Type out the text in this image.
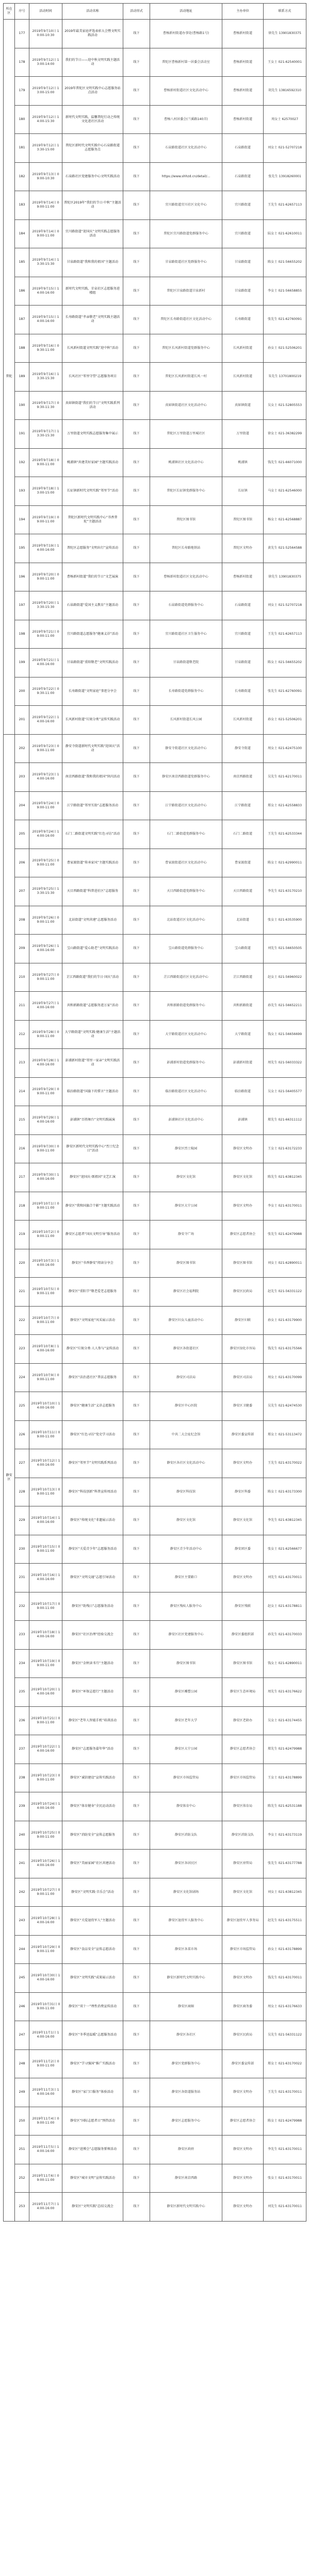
所在区	序号	活动时间	活动名称	活动形式	活动地址	主办单位	联系方式
普陀	177	2019年9月10日 10:00-10:30	2019年最美家庭评选表彰大会暨文明实践活动	线下	曹杨新村街道办事处(曹杨路1号)	曹杨新村街道	徐先生 13901830375
	178	2019年9月12日 13:00-14:00	我们的节日——迎中秋文明实践主题活动	线下	普陀区曹杨新村第一居委会活动室	曹杨新村街道	王女士 021-62540001
	179	2019年9月12日 13:00-15:00	2019年普陀区文明实践中心志愿服务站点活动	线下	曹杨新村街道社区文化活动中心	曹杨新村街道	胡先生 13816592310
	180	2019年9月12日 14:00-15:30	新时代文明实践，温馨普陀行动之传统文化进社区活动	线下	曹杨八村居委会(兰溪路140弄)	曹杨新村街道	周女士 62570027
	181	2019年9月12日 13:30-15:00	普陀区新时代文明实践中心石泉路街道志愿服务点	线下	石泉路街道社区文化活动中心	石泉路街道	刘女士 021-52707218
	182	2019年9月13日 09:00-10:30	石泉路社区党建服务中心文明实践活动	线下	https://www.shhzd.cn/detail/...	石泉路街道	张先生 13918260001
	183	2019年9月14日 09:00-11:00	普陀区2019年“我们的节日·中秋”主题活动	线下	宜川路街道宜川社区文化中心	宜川路街道	王先生 021-62657113
	184	2019年9月14日 09:00-11:00	宜川路街道“迎国庆”文明实践志愿服务活动	线下	普陀区宜川路街道党群服务中心	宜川路街道	陆女士 021-62610011
	185	2019年9月14日 13:30-15:30	甘泉路街道“我和我的祖国”主题活动	线下	甘泉路街道社区党群服务中心	甘泉路街道	陈女士 021-56655202
	186	2019年9月15日 14:00-16:00	新时代文明实践，甘泉社区志愿服务进楼组	线下	普陀区甘泉路街道甘泉新村	甘泉路街道	李女士 021-56658855
	187	2019年9月15日 14:00-16:00	长寿路街道“孝亲敬老”文明实践主题活动	线下	普陀区长寿路街道社区文化活动中心	长寿路街道	张先生 021-62760091
	188	2019年9月16日 09:30-11:00	长风新村街道文明实践“迎中秋”活动	线下	普陀区长风新村街道党群服务中心	长风新村街道	孙女士 021-52506201
	189	2019年9月16日 13:30-15:30	长风社区“邻里守望”志愿服务项目	线下	普陀区长风新村街道长风一村	长风新村街道	朱先生 13701800219
	190	2019年9月17日 09:30-11:30	真如镇街道“我们的节日”文明实践系列活动	线下	真如镇街道社区文化活动中心	真如镇街道	吴女士 021-52805553
	191	2019年9月17日 13:30-15:30	万里街道文明实践志愿服务集中展示	线下	普陀区万里街道万里城社区	万里街道	徐女士 021-36382299
	192	2019年9月18日 09:00-11:00	桃浦镇“共建美好家园”主题实践活动	线下	桃浦镇社区文化活动中心	桃浦镇	钱先生 021-66071000
	193	2019年9月18日 13:00-15:00	长征镇新时代文明实践“邻里节”活动	线下	普陀区长征镇党群服务中心	长征镇	马女士 021-62546000
	194	2019年9月19日 09:00-11:00	普陀区新时代文明实践中心“书香普陀”主题活动	线下	普陀区图书馆	普陀区图书馆	杨女士 021-62568887
	195	2019年9月19日 14:00-16:00	普陀区志愿服务“文明出行”宣传活动	线下	普陀区长寿路地铁站	普陀区文明办	黄先生 021-52564588
	196	2019年9月20日 09:00-11:00	曹杨新村街道“我们的节日”文艺展演	线下	曹杨新村街道社区文化活动中心	曹杨新村街道	徐先生 13901830375
	197	2019年9月20日 13:30-15:30	石泉路街道“爱国主义教育”主题活动	线下	石泉路街道党群服务中心	石泉路街道	刘女士 021-52707218
	198	2019年9月21日 09:00-11:00	宜川路街道志愿服务“健康义诊”活动	线下	宜川路街道社区卫生服务中心	宜川路街道	王先生 021-62657113
	199	2019年9月21日 14:00-16:00	甘泉路街道“重阳敬老”文明实践活动	线下	甘泉路街道敬老院	甘泉路街道	陈女士 021-56655202
	200	2019年9月22日 09:30-11:00	长寿路街道“文明家庭”事迹分享会	线下	长寿路街道党群服务中心	长寿路街道	张先生 021-62760091
	201	2019年9月22日 14:00-16:00	长风新村街道“垃圾分类”宣传实践活动	线下	长风新村街道长风公园	长风新村街道	孙女士 021-52506201
静安区	202	2019年9月23日 09:00-11:00	静安寺街道新时代文明实践“迎国庆”活动	线下	静安寺街道社区文化活动中心	静安寺街道	周女士 021-62475100
	203	2019年9月23日 14:00-16:00	南京西路街道“我和我的祖国”快闪活动	线下	静安区南京西路街道党群服务中心	南京西路街道	吴先生 021-62170011
	204	2019年9月24日 09:00-11:00	江宁路街道“邻里互助”志愿服务活动	线下	江宁路街道社区文化活动中心	江宁路街道	郑女士 021-62558833
	205	2019年9月24日 14:00-16:00	石门二路街道文明实践“红色寻访”活动	线下	石门二路街道党群服务中心	石门二路街道	王先生 021-62533344
	206	2019年9月25日 09:00-11:00	曹家渡街道“传承家风”主题实践活动	线下	曹家渡街道社区文化活动中心	曹家渡街道	陈女士 021-62990011
	207	2019年9月25日 13:30-15:30	天目西路街道“科普进社区”志愿服务	线下	天目西路街道党群服务中心	天目西路街道	李先生 021-63170210
	208	2019年9月26日 09:00-11:00	北站街道“文明共建”志愿服务活动	线下	北站街道社区文化活动中心	北站街道	张女士 021-63535900
	209	2019年9月26日 14:00-16:00	宝山路街道“爱心助老”文明实践活动	线下	宝山路街道党群服务中心	宝山路街道	刘先生 021-56650505
	210	2019年9月27日 09:00-11:00	芷江西路街道“我们的节日·国庆”活动	线下	芷江西路街道社区文化活动中心	芷江西路街道	赵女士 021-56960022
	211	2019年9月27日 14:00-16:00	共和新路街道“志愿服务进万家”活动	线下	共和新路街道党群服务中心	共和新路街道	孙先生 021-56652211
	212	2019年9月28日 09:00-11:00	大宁路街道“文明实践·健康生活”主题活动	线下	大宁路街道社区文化活动中心	大宁路街道	钱女士 021-56656699
	213	2019年9月28日 14:00-16:00	彭浦新村街道“邻里一家亲”文明实践活动	线下	彭浦新村街道党群服务中心	彭浦新村街道	周先生 021-56033322
	214	2019年9月29日 09:00-11:00	临汾路街道“国旗下的誓言”主题活动	线下	临汾路街道社区文化活动中心	临汾路街道	吴女士 021-56405577
	215	2019年9月29日 14:00-16:00	彭浦镇“百姓舞台”文明实践展演	线下	彭浦镇社区文化活动中心	彭浦镇	郑先生 021-66311112
	216	2019年9月30日 09:00-11:00	静安区新时代文明实践中心“烈士纪念日”活动	线下	静安区烈士陵园	静安区文明办	王女士 021-63172233
	217	2019年9月30日 14:00-16:00	静安区“迎国庆·颂祖国”文艺汇演	线下	静安区文化馆	静安区文化馆	陈先生 021-63812345
	218	2019年10月1日 09:00-11:00	静安区“我和国旗合个影”主题实践活动	线下	静安区大宁公园	静安区文明办	李女士 021-63170011
	219	2019年10月2日 09:00-11:00	静安区志愿者“国庆文明引导”服务活动	线下	静安寺广场	静安区志愿者协会	张先生 021-62479988
	220	2019年10月3日 14:00-16:00	静安区“书香静安”阅读分享会	线下	静安区图书馆	静安区图书馆	刘女士 021-62890011
	221	2019年10月5日 09:00-11:00	静安区“重阳节”敬老爱老志愿服务	线下	静安区社会福利院	静安区民政局	赵先生 021-56331122
	222	2019年10月7日 09:00-11:00	静安区“文明家庭”风采展示活动	线下	静安区妇女儿童活动中心	静安区妇联	孙女士 021-63179900
	223	2019年10月8日 14:00-16:00	静安区“垃圾分类·人人参与”宣传活动	线下	静安区各街道社区	静安区绿化市容局	钱先生 021-63175566
	224	2019年10月9日 09:00-11:00	静安区“法治进社区”普法志愿服务	线下	静安区司法局	静安区司法局	周女士 021-63170099
	225	2019年10月10日 14:00-16:00	静安区“健康生活”义诊志愿服务	线下	静安区中心医院	静安区卫健委	吴先生 021-62474530
	226	2019年10月11日 09:00-11:00	静安区“红色寻访”党史学习活动	线下	中共二大会址纪念馆	静安区委宣传部	郑女士 021-53113472
	227	2019年10月12日 14:00-16:00	静安区“邻里节”文明实践系列活动	线下	静安区各社区文化活动中心	静安区文明办	王先生 021-63170022
	228	2019年10月13日 09:00-11:00	静安区“科技创新”科普宣传周活动	线下	静安区科技馆	静安区科委	陈女士 021-63173300
	229	2019年10月14日 14:00-16:00	静安区“传统文化”非遗展示活动	线下	静安区文化馆	静安区文化馆	李先生 021-63812345
	230	2019年10月15日 09:00-11:00	静安区“关爱青少年”志愿服务活动	线下	静安区青少年活动中心	静安团区委	张女士 021-62566677
	231	2019年10月16日 14:00-16:00	静安区“文明交通”志愿引导活动	线下	静安区主要路口	静安区文明办	刘先生 021-63170011
	232	2019年10月17日 09:00-11:00	静安区“助残日”志愿服务活动	线下	静安区残疾人服务中心	静安区残联	赵女士 021-63178811
	233	2019年10月18日 14:00-16:00	静安区“社区治理”经验交流会	线下	静安区社区党建服务中心	静安区委组织部	孙先生 021-63170033
	234	2019年10月19日 09:00-11:00	静安区“金秋读书月”主题活动	线下	静安区图书馆	静安区图书馆	钱女士 021-62890011
	235	2019年10月20日 14:00-16:00	静安区“环保志愿行”主题活动	线下	静安区雕塑公园	静安区生态环境局	周先生 021-63176622
	236	2019年10月21日 09:00-11:00	静安区“老年人智能手机”培训活动	线下	静安区老年大学	静安区老龄办	吴女士 021-63174455
	237	2019年10月22日 14:00-16:00	静安区“志愿服务嘉年华”活动	线下	静安区大宁公园	静安区志愿者协会	郑先生 021-62479988
	238	2019年10月23日 09:00-11:00	静安区“诚信建设”宣传实践活动	线下	静安区市场监管局	静安区市场监管局	王女士 021-63178899
	239	2019年10月24日 14:00-16:00	静安区“体育健身”全民运动活动	线下	静安体育中心	静安区体育局	陈先生 021-62531188
	240	2019年10月25日 09:00-11:00	静安区“消防安全”宣传志愿服务	线下	静安区消防支队	静安区消防支队	李女士 021-63173119
	241	2019年10月26日 14:00-16:00	静安区“美丽家园”社区共建活动	线下	静安区各居民区	静安区房管局	张先生 021-63177788
	242	2019年10月27日 09:00-11:00	静安区“文明实践·音乐会”活动	线下	静安区文化馆剧场	静安区文化馆	刘女士 021-63812345
	243	2019年10月28日 14:00-16:00	静安区“关爱退役军人”主题活动	线下	静安区退役军人服务中心	静安区退役军人事务局	赵先生 021-63175511
	244	2019年10月29日 09:00-11:00	静安区“食品安全”宣传志愿活动	线下	静安区各菜市场	静安区市场监管局	孙女士 021-63178899
	245	2019年10月30日 14:00-16:00	静安区“文明实践”成果展示活动	线下	静安区新时代文明实践中心	静安区文明办	钱先生 021-63170011
	246	2019年10月31日 09:00-11:00	静安区“双十一”理性消费宣传活动	线下	静安区商圈	静安区商务委	周女士 021-63176633
	247	2019年11月1日 14:00-16:00	静安区“冬季送温暖”志愿服务活动	线下	静安区各社区	静安区民政局	吴先生 021-56331122
	248	2019年11月2日 09:00-11:00	静安区“学习强国”推广实践活动	线下	静安区党群服务中心	静安区委宣传部	郑女士 021-63170022
	249	2019年11月3日 14:00-16:00	静安区“家门口服务”体验活动	线下	静安区各街道服务站	静安区文明办	王先生 021-63170011
	250	2019年11月4日 09:00-11:00	静安区“国际志愿者日”预热活动	线下	静安区志愿服务中心	静安区志愿者协会	陈女士 021-62479988
	251	2019年11月5日 14:00-16:00	静安区“进博会”志愿服务誓师活动	线下	静安区政府	静安区文明办	李先生 021-63170011
	252	2019年11月6日 09:00-11:00	静安区“城市文明”宣传实践活动	线下	静安区南京西路	静安区文明办	张女士 021-63170011
	253	2019年11月7日 14:00-16:00	静安区“文明实践”总结交流会	线下	静安区新时代文明实践中心	静安区文明办	刘先生 021-63170011
